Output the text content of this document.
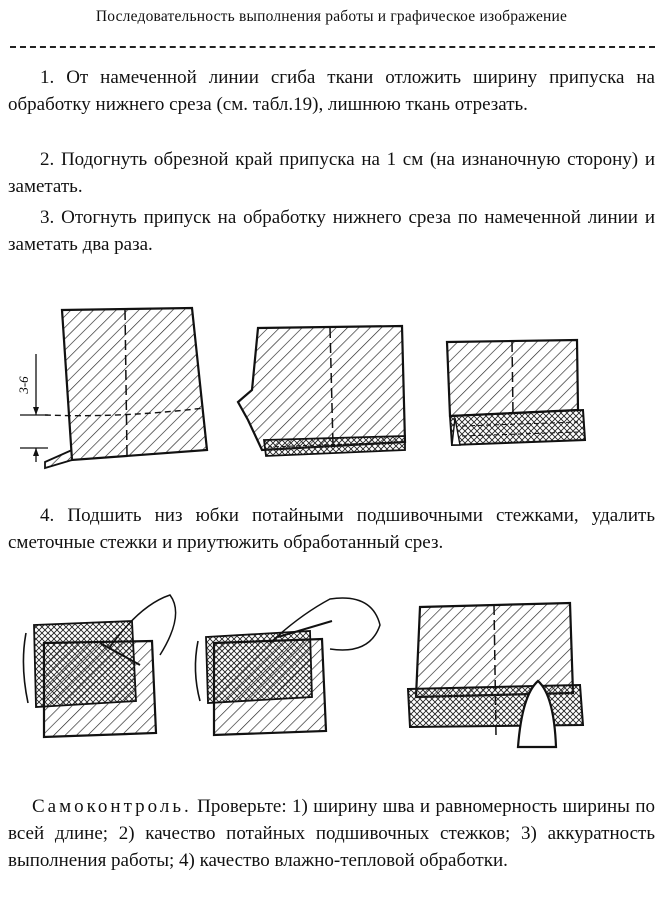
Последовательность выполнения работы и графическое изображение
1. От намеченной линии сгиба ткани отложить ширину припуска на обработку нижнего среза (см. табл.19), лишнюю ткань отрезать.
2. Подогнуть обрезной край припуска на 1 см (на изнаночную сторону) и заметать.
3. Отогнуть припуск на обработку нижнего среза по намеченной линии и заметать два раза.
3-6
4. Подшить низ юбки потайными подшивочными стежками, удалить сметочные стежки и приутюжить обработанный срез.
Самоконтроль. Проверьте: 1) ширину шва и равномерность ширины по всей длине; 2) качество потайных подшивочных стежков; 3) аккуратность выполнения работы; 4) качество влажно-тепловой обработки.
